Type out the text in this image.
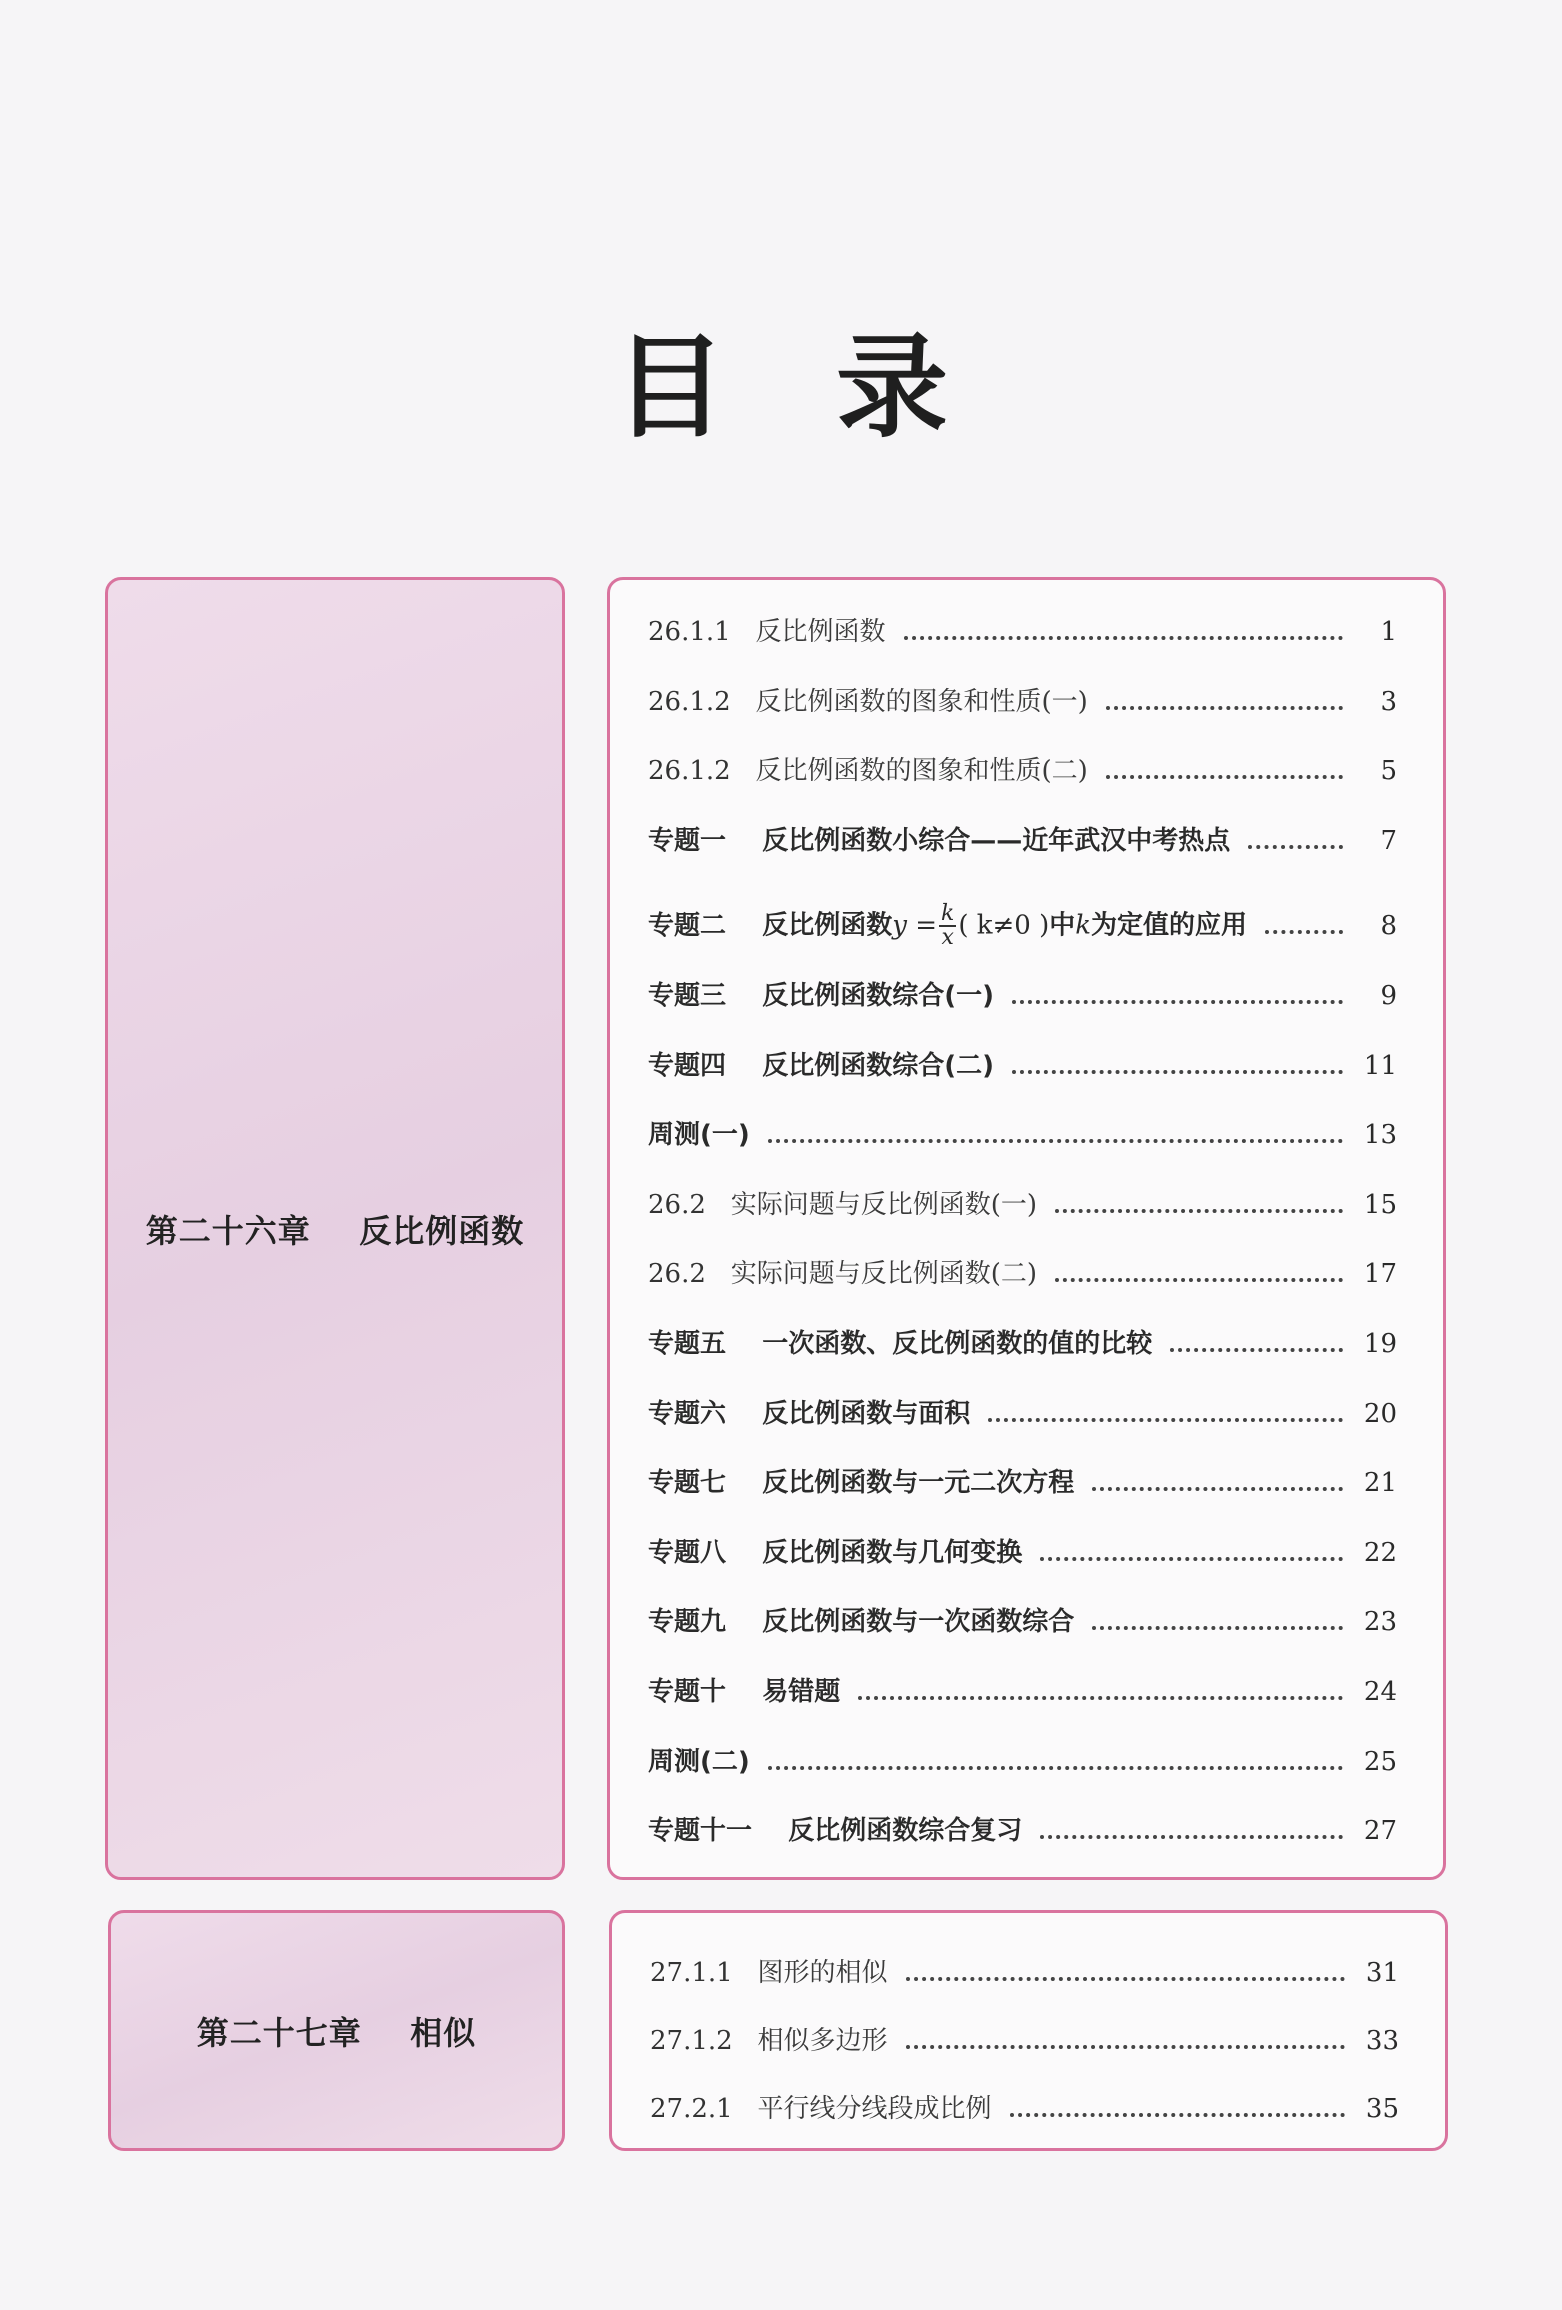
目录
第二十六章    反比例函数
26.1.1 反比例函数	1
26.1.2 反比例函数的图象和性质(一)	3
26.1.2 反比例函数的图象和性质(二)	5
专题一 反比例函数小综合——近年武汉中考热点	7
专题二 反比例函数$y = \frac{k}{x}$ ( k≠0 )中k为定值的应用	8
专题三 反比例函数综合(一)	9
专题四 反比例函数综合(二)	11
周测(一)	13
26.2 实际问题与反比例函数(一)	15
26.2 实际问题与反比例函数(二)	17
专题五 一次函数、反比例函数的值的比较	19
专题六 反比例函数与面积	20
专题七 反比例函数与一元二次方程	21
专题八 反比例函数与几何变换	22
专题九 反比例函数与一次函数综合	23
专题十 易错题	24
周测(二)	25
专题十一 反比例函数综合复习	27
第二十七章    相似
27.1.1 图形的相似	31
27.1.2 相似多边形	33
27.2.1 平行线分线段成比例	35
